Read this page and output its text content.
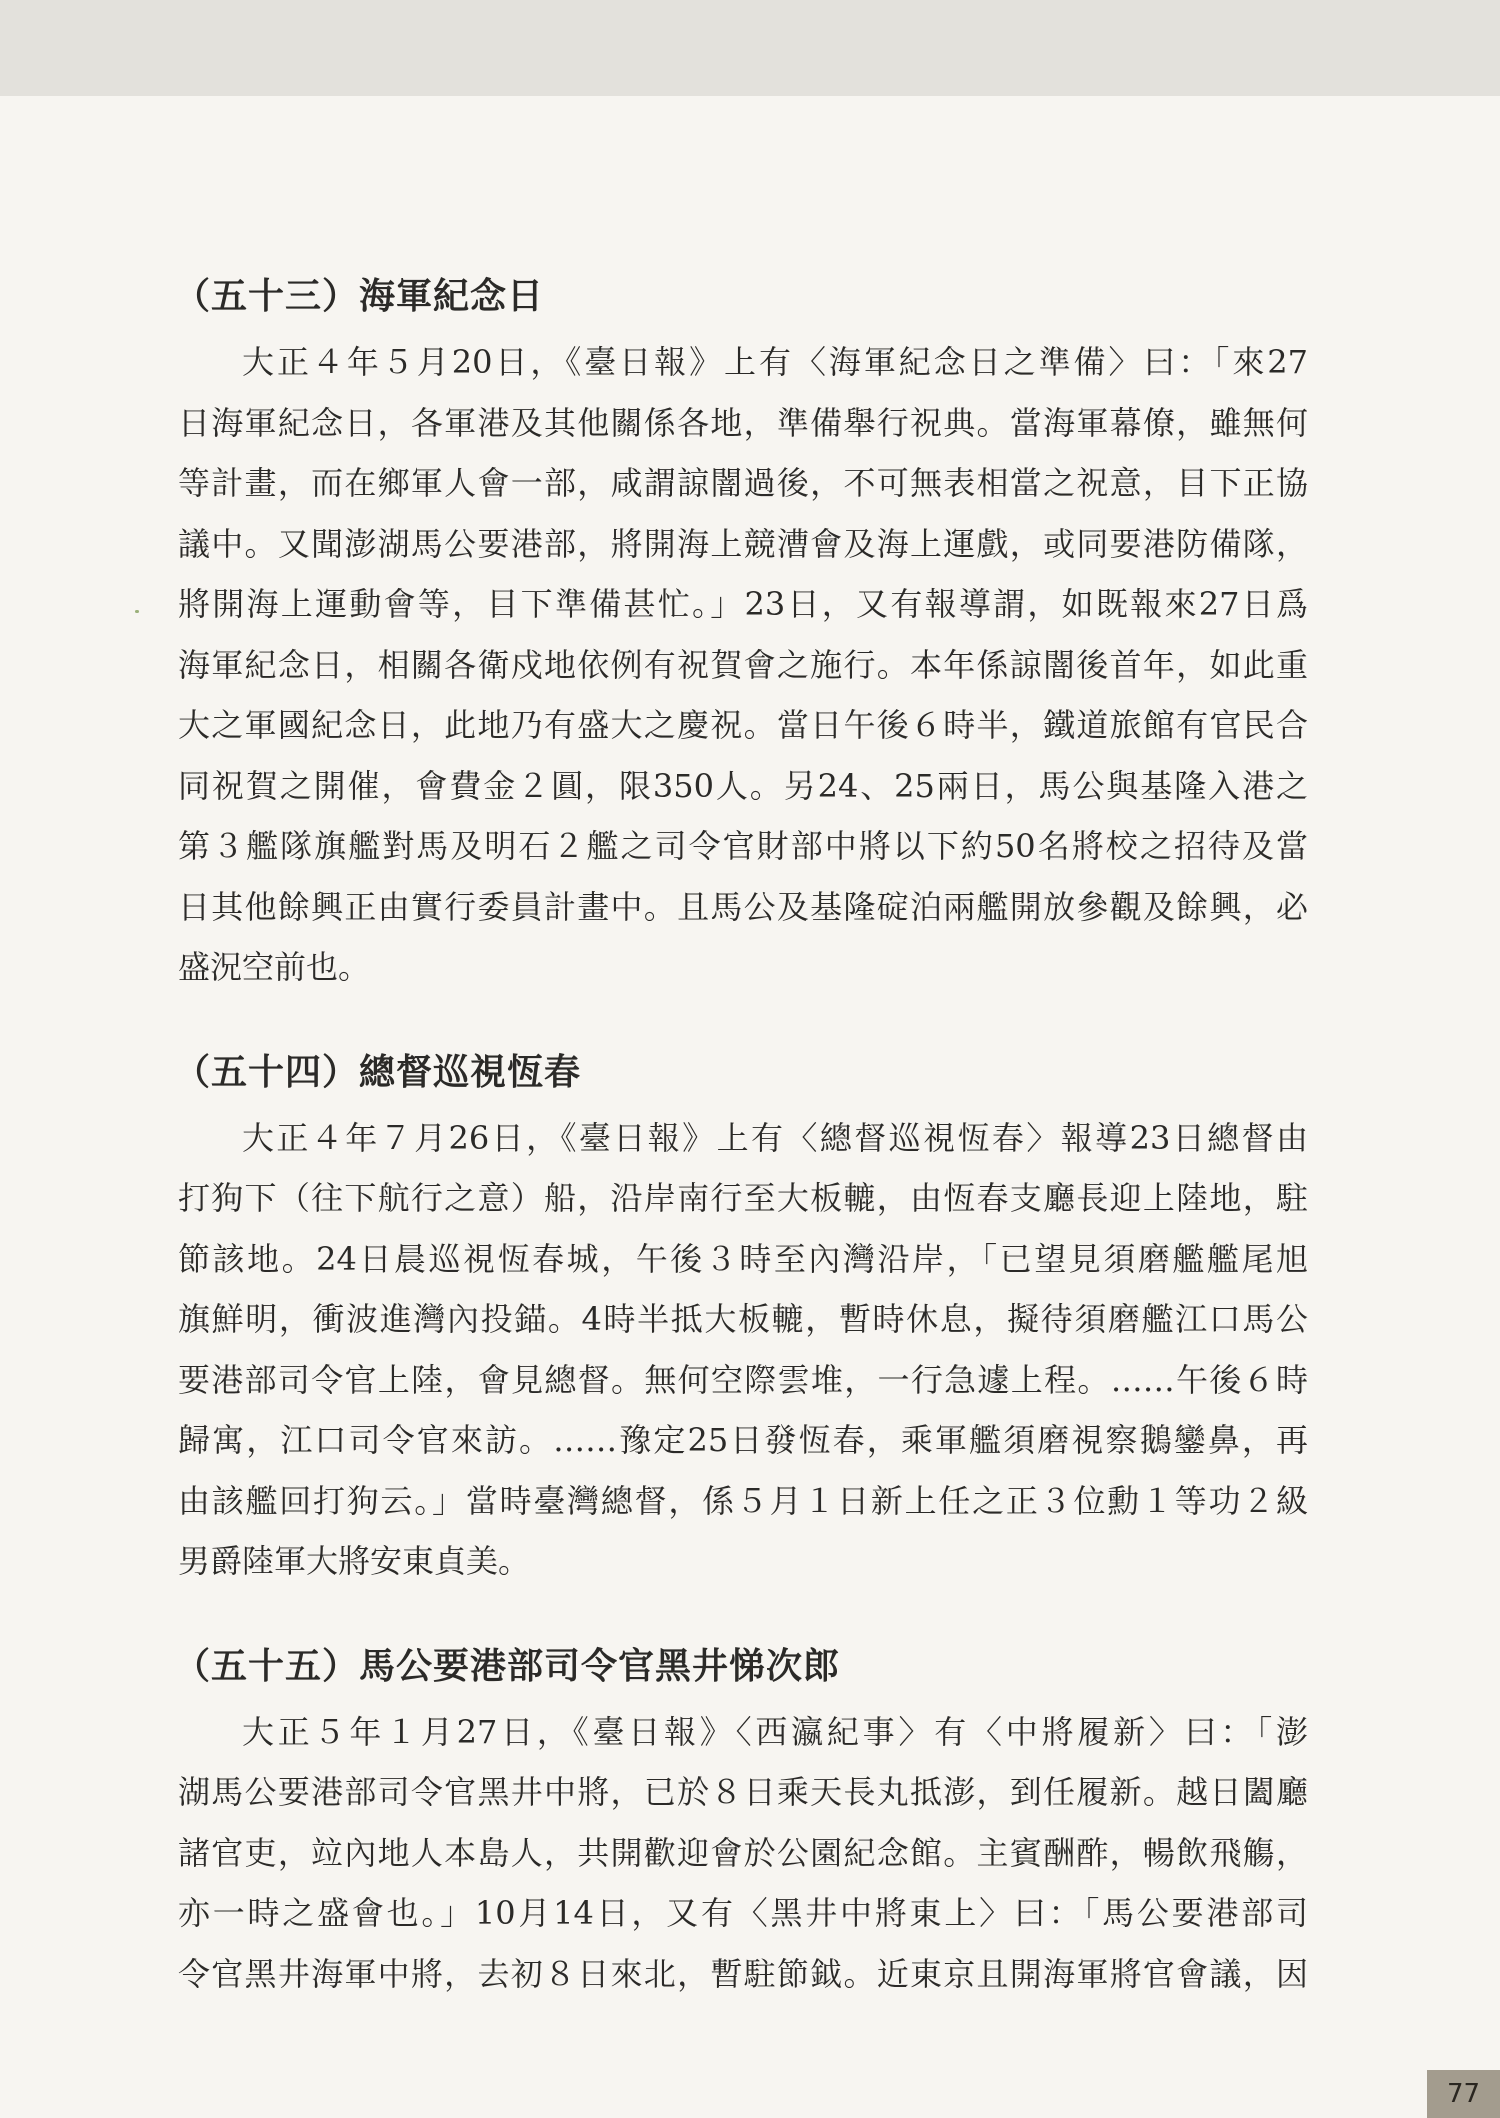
（五十三）海軍紀念日
大正４年５月20日，《臺日報》上有〈海軍紀念日之準備〉曰：「來27
日海軍紀念日，各軍港及其他關係各地，準備舉行祝典。當海軍幕僚，雖無何
等計畫，而在鄉軍人會一部，咸謂諒闇過後，不可無表相當之祝意，目下正協
議中。又聞澎湖馬公要港部，將開海上競漕會及海上運戲，或同要港防備隊，
將開海上運動會等，目下準備甚忙。」23日，又有報導謂，如既報來27日爲
海軍紀念日，相關各衛戍地依例有祝賀會之施行。本年係諒闇後首年，如此重
大之軍國紀念日，此地乃有盛大之慶祝。當日午後６時半，鐵道旅館有官民合
同祝賀之開催，會費金２圓，限350人。另24、25兩日，馬公與基隆入港之
第３艦隊旗艦對馬及明石２艦之司令官財部中將以下約50名將校之招待及當
日其他餘興正由實行委員計畫中。且馬公及基隆碇泊兩艦開放參觀及餘興，必
盛況空前也。
（五十四）總督巡視恆春
大正４年７月26日，《臺日報》上有〈總督巡視恆春〉報導23日總督由
打狗下（往下航行之意）船，沿岸南行至大板轆，由恆春支廳長迎上陸地，駐
節該地。24日晨巡視恆春城，午後３時至內灣沿岸，「已望見須磨艦艦尾旭
旗鮮明，衝波進灣內投錨。4時半抵大板轆，暫時休息，擬待須磨艦江口馬公
要港部司令官上陸，會見總督。無何空際雲堆，一行急遽上程。……午後６時
歸寓，江口司令官來訪。……豫定25日發恆春，乘軍艦須磨視察鵝鑾鼻，再
由該艦回打狗云。」當時臺灣總督，係５月１日新上任之正３位勳１等功２級
男爵陸軍大將安東貞美。
（五十五）馬公要港部司令官黑井悌次郎
大正５年１月27日，《臺日報》〈西瀛紀事〉有〈中將履新〉曰：「澎
湖馬公要港部司令官黑井中將，已於８日乘天長丸抵澎，到任履新。越日闔廳
諸官吏，竝內地人本島人，共開歡迎會於公園紀念館。主賓酬酢，暢飲飛觴，
亦一時之盛會也。」10月14日，又有〈黑井中將東上〉曰：「馬公要港部司
令官黑井海軍中將，去初８日來北，暫駐節鉞。近東京且開海軍將官會議，因
77
